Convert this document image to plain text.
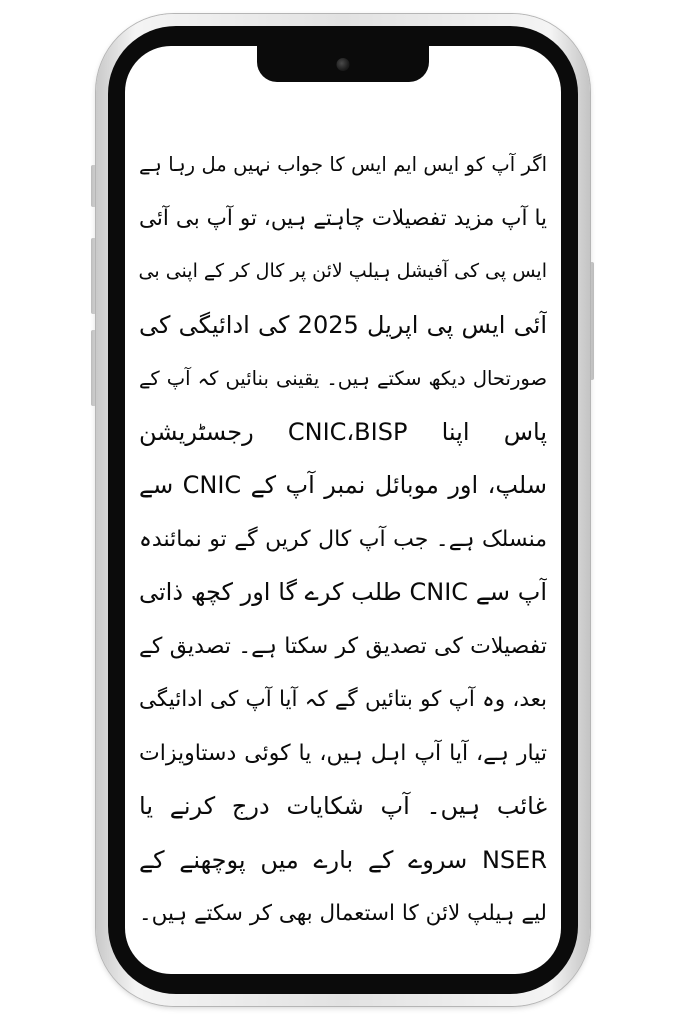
اگر آپ کو ایس ایم ایس کا جواب نہیں مل رہا ہے
یا آپ مزید تفصیلات چاہتے ہیں، تو آپ بی آئی
ایس پی کی آفیشل ہیلپ لائن پر کال کر کے اپنی بی
آئی ایس پی اپریل 2025 کی ادائیگی کی
صورتحال دیکھ سکتے ہیں۔ یقینی بنائیں کہ آپ کے
پاس اپنا CNIC،BISP رجسٹریشن
سلپ، اور موبائل نمبر آپ کے CNIC سے
منسلک ہے۔ جب آپ کال کریں گے تو نمائندہ
آپ سے CNIC طلب کرے گا اور کچھ ذاتی
تفصیلات کی تصدیق کر سکتا ہے۔ تصدیق کے
بعد، وہ آپ کو بتائیں گے کہ آیا آپ کی ادائیگی
تیار ہے، آیا آپ اہل ہیں، یا کوئی دستاویزات
غائب ہیں۔ آپ شکایات درج کرنے یا
NSER سروے کے بارے میں پوچھنے کے
لیے ہیلپ لائن کا استعمال بھی کر سکتے ہیں۔
